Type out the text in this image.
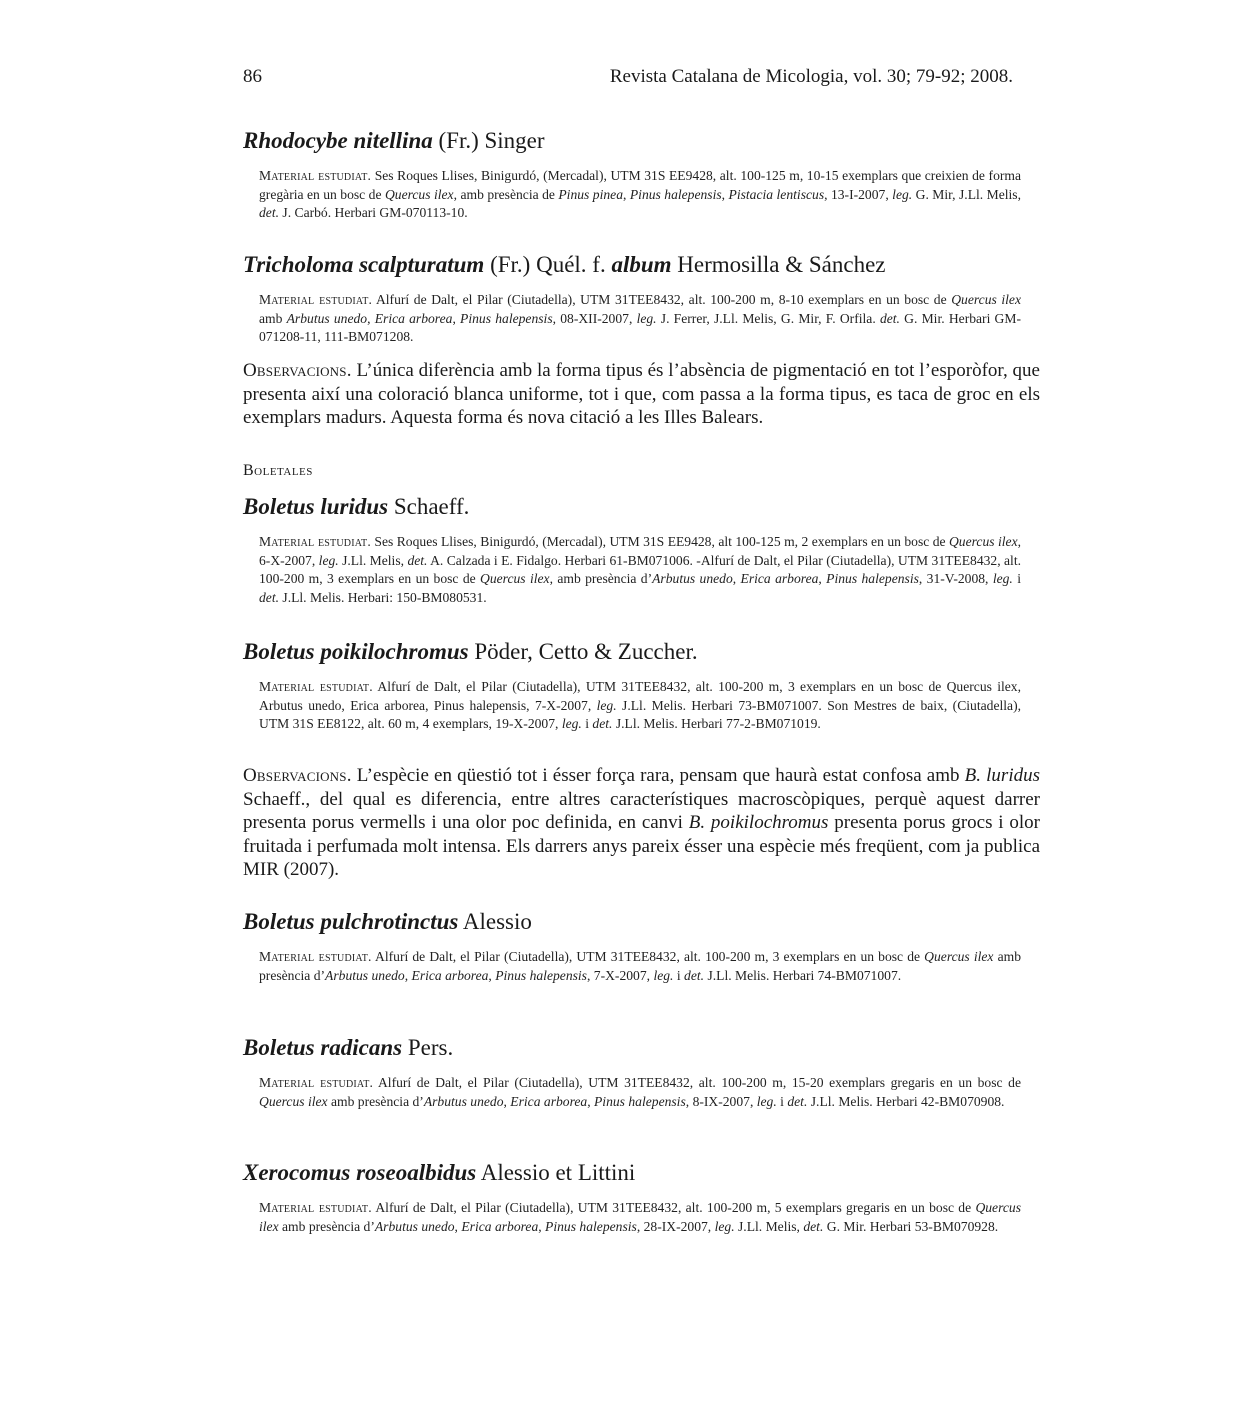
86	Revista Catalana de Micologia, vol. 30; 79-92; 2008.
Rhodocybe nitellina (Fr.) Singer
Material estudiat. Ses Roques Llises, Binigurdó, (Mercadal), UTM 31S EE9428, alt. 100-125 m, 10-15 exemplars que creixien de forma gregària en un bosc de Quercus ilex, amb presència de Pinus pinea, Pinus halepensis, Pistacia lentiscus, 13-I-2007, leg. G. Mir, J.Ll. Melis, det. J. Carbó. Herbari GM-070113-10.
Tricholoma scalpturatum (Fr.) Quél. f. album Hermosilla & Sánchez
Material estudiat. Alfurí de Dalt, el Pilar (Ciutadella), UTM 31TEE8432, alt. 100-200 m, 8-10 exemplars en un bosc de Quercus ilex amb Arbutus unedo, Erica arborea, Pinus halepensis, 08-XII-2007, leg. J. Ferrer, J.Ll. Melis, G. Mir, F. Orfila. det. G. Mir. Herbari GM-071208-11, 111-BM071208.
Observacions. L’única diferència amb la forma tipus és l’absència de pigmentació en tot l’esporòfor, que presenta així una coloració blanca uniforme, tot i que, com passa a la forma tipus, es taca de groc en els exemplars madurs. Aquesta forma és nova citació a les Illes Balears.
Boletales
Boletus luridus Schaeff.
Material estudiat. Ses Roques Llises, Binigurdó, (Mercadal), UTM 31S EE9428, alt 100-125 m, 2 exemplars en un bosc de Quercus ilex, 6-X-2007, leg. J.Ll. Melis, det. A. Calzada i E. Fidalgo. Herbari 61-BM071006. -Alfurí de Dalt, el Pilar (Ciutadella), UTM 31TEE8432, alt. 100-200 m, 3 exemplars en un bosc de Quercus ilex, amb presència d’Arbutus unedo, Erica arborea, Pinus halepensis, 31-V-2008, leg. i det. J.Ll. Melis. Herbari: 150-BM080531.
Boletus poikilochromus Pöder, Cetto & Zuccher.
Material estudiat. Alfurí de Dalt, el Pilar (Ciutadella), UTM 31TEE8432, alt. 100-200 m, 3 exemplars en un bosc de Quercus ilex, Arbutus unedo, Erica arborea, Pinus halepensis, 7-X-2007, leg. J.Ll. Melis. Herbari 73-BM071007. Son Mestres de baix, (Ciutadella), UTM 31S EE8122, alt. 60 m, 4 exemplars, 19-X-2007, leg. i det. J.Ll. Melis. Herbari 77-2-BM071019.
Observacions. L’espècie en qüestió tot i ésser força rara, pensam que haurà estat confosa amb B. luridus Schaeff., del qual es diferencia, entre altres característiques macroscòpiques, perquè aquest darrer presenta porus vermells i una olor poc definida, en canvi B. poikilochromus presenta porus grocs i olor fruitada i perfumada molt intensa. Els darrers anys pareix ésser una espècie més freqüent, com ja publica MIR (2007).
Boletus pulchrotinctus Alessio
Material estudiat. Alfurí de Dalt, el Pilar (Ciutadella), UTM 31TEE8432, alt. 100-200 m, 3 exemplars en un bosc de Quercus ilex amb presència d’Arbutus unedo, Erica arborea, Pinus halepensis, 7-X-2007, leg. i det. J.Ll. Melis. Herbari 74-BM071007.
Boletus radicans Pers.
Material estudiat. Alfurí de Dalt, el Pilar (Ciutadella), UTM 31TEE8432, alt. 100-200 m, 15-20 exemplars gregaris en un bosc de Quercus ilex amb presència d’Arbutus unedo, Erica arborea, Pinus halepensis, 8-IX-2007, leg. i det. J.Ll. Melis. Herbari 42-BM070908.
Xerocomus roseoalbidus Alessio et Littini
Material estudiat. Alfurí de Dalt, el Pilar (Ciutadella), UTM 31TEE8432, alt. 100-200 m, 5 exemplars gregaris en un bosc de Quercus ilex amb presència d’Arbutus unedo, Erica arborea, Pinus halepensis, 28-IX-2007, leg. J.Ll. Melis, det. G. Mir. Herbari 53-BM070928.
